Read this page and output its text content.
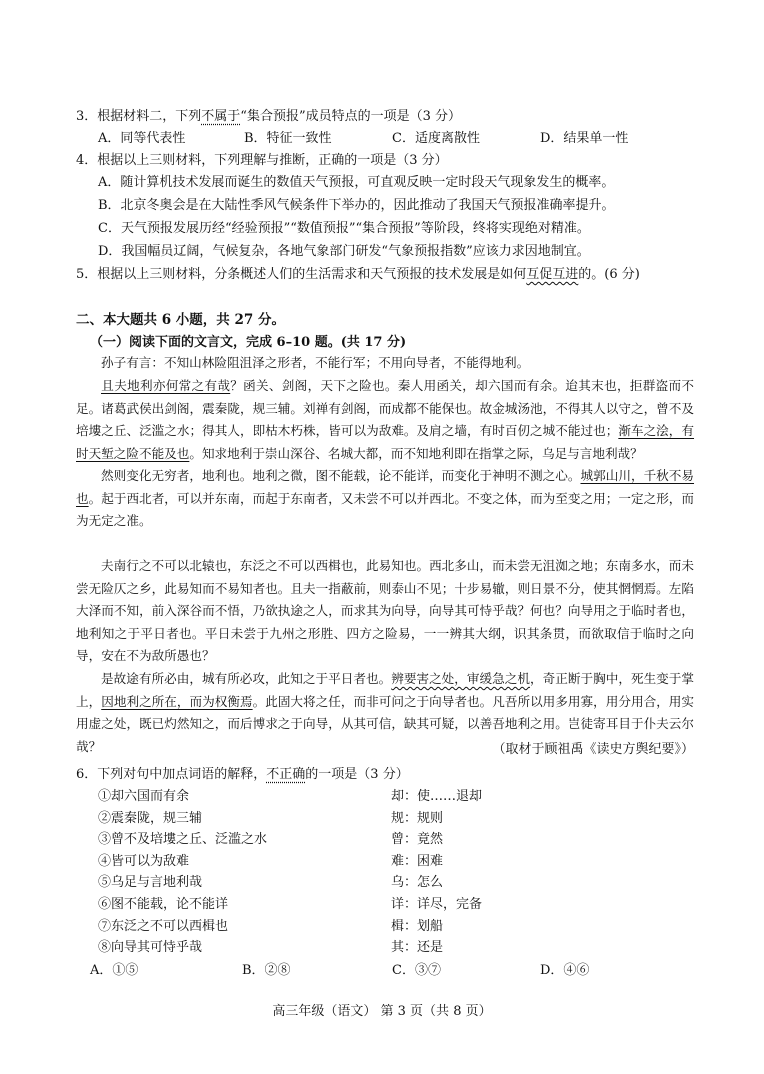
3．根据材料二，下列不属于“集合预报”成员特点的一项是（3 分）
A．同等代表性	B．特征一致性	C．适度离散性	D．结果单一性
4．根据以上三则材料，下列理解与推断，正确的一项是（3 分）
A．随计算机技术发展而诞生的数值天气预报，可直观反映一定时段天气现象发生的概率。
B．北京冬奥会是在大陆性季风气候条件下举办的，因此推动了我国天气预报准确率提升。
C．天气预报发展历经“经验预报”“数值预报”“集合预报”等阶段，终将实现绝对精准。
D．我国幅员辽阔，气候复杂，各地气象部门研发“气象预报指数”应该力求因地制宜。
5．根据以上三则材料，分条概述人们的生活需求和天气预报的技术发展是如何互促互进的。(6 分)
二、本大题共 6 小题，共 27 分。
（一）阅读下面的文言文，完成 6–10 题。(共 17 分)
孙子有言：不知山林险阻沮泽之形者，不能行军；不用向导者，不能得地利。
且夫地利亦何常之有哉？函关、剑阁，天下之险也。秦人用函关，却六国而有余。迨其末也，拒群盗而不足。诸葛武侯出剑阁，震秦陇，规三辅。刘禅有剑阁，而成都不能保也。故金城汤池，不得其人以守之，曾不及培塿之丘、泛滥之水；得其人，即枯木朽株，皆可以为敌难。及肩之墙，有时百仞之城不能过也；渐车之浍，有时天堑之险不能及也。知求地利于崇山深谷、名城大都，而不知地利即在指掌之际，乌足与言地利哉？
然则变化无穷者，地利也。地利之微，图不能载，论不能详，而变化于神明不测之心。城郭山川，千秋不易也。起于西北者，可以并东南，而起于东南者，又未尝不可以并西北。不变之体，而为至变之用；一定之形，而为无定之准。
夫南行之不可以北辕也，东泛之不可以西楫也，此易知也。西北多山，而未尝无沮洳之地；东南多水，而未尝无险仄之乡，此易知而不易知者也。且夫一指蔽前，则泰山不见；十步易辙，则日景不分，使其惘惘焉。左陷大泽而不知，前入深谷而不悟，乃欲执途之人，而求其为向导，向导其可恃乎哉？何也？向导用之于临时者也，地利知之于平日者也。平日未尝于九州之形胜、四方之险易，一一辨其大纲，识其条贯，而欲取信于临时之向导，安在不为敌所愚也？
是故途有所必由，城有所必攻，此知之于平日者也。辨要害之处，审缓急之机，奇正断于胸中，死生变于掌上，因地利之所在，而为权衡焉。此固大将之任，而非可问之于向导者也。凡吾所以用多用寡，用分用合，用实用虚之处，既已灼然知之，而后博求之于向导，从其可信，缺其可疑，以善吾地利之用。岂徒寄耳目于仆夫云尔哉？	（取材于顾祖禹《读史方舆纪要》）
6．下列对句中加点词语的解释，不正确的一项是（3 分）
①却六国而有余	却：使……退却
②震秦陇，规三辅	规：规则
③曾不及培塿之丘、泛滥之水	曾：竟然
④皆可以为敌难	难：困难
⑤乌足与言地利哉	乌：怎么
⑥图不能载，论不能详	详：详尽，完备
⑦东泛之不可以西楫也	楫：划船
⑧向导其可恃乎哉	其：还是
A．①⑤	B．②⑧	C．③⑦	D．④⑥
高三年级（语文） 第 3 页（共 8 页）
